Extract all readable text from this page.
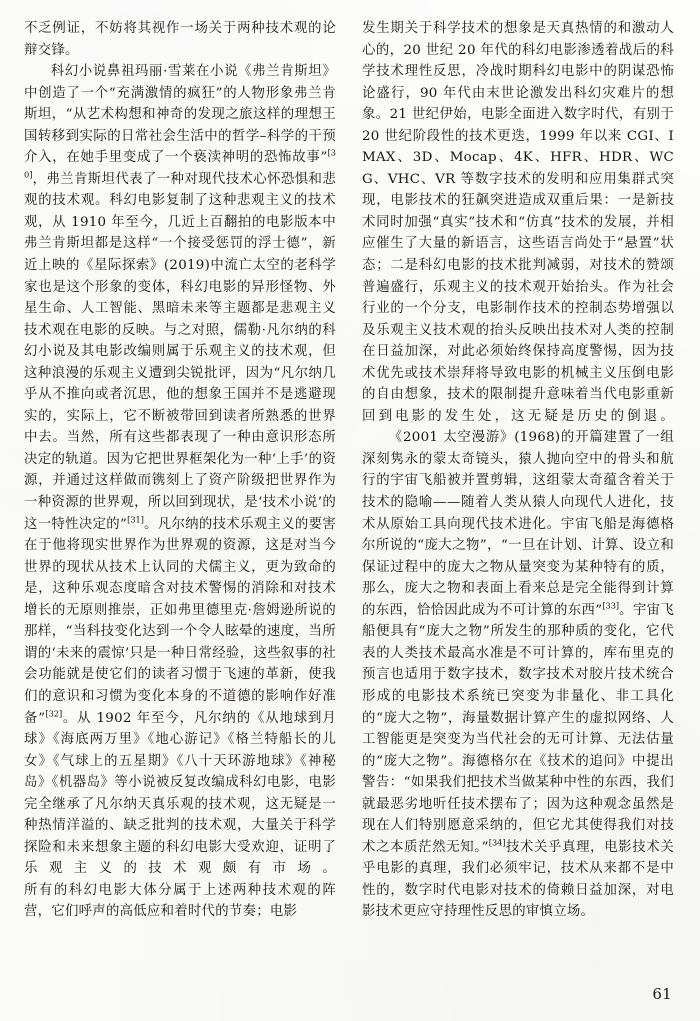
不乏例证，不妨将其视作一场关于两种技术观的论辩交锋。

科幻小说鼻祖玛丽·雪莱在小说《弗兰肯斯坦》中创造了一个“充满激情的疯狂”的人物形象弗兰肯斯坦，“从艺术构想和神奇的发现之旅这样的理想王国转移到实际的日常社会生活中的哲学–科学的干预介入，在她手里变成了一个亵渎神明的恐怖故事”[30]，弗兰肯斯坦代表了一种对现代技术心怀恐惧和悲观的技术观。科幻电影复制了这种悲观主义的技术观，从 1910 年至今，几近上百翻拍的电影版本中弗兰肯斯坦都是这样“一个接受惩罚的浮士德”，新近上映的《星际探索》(2019)中流亡太空的老科学家也是这个形象的变体，科幻电影的异形怪物、外星生命、人工智能、黑暗未来等主题都是悲观主义技术观在电影的反映。与之对照，儒勒·凡尔纳的科幻小说及其电影改编则属于乐观主义的技术观，但这种浪漫的乐观主义遭到尖锐批评，因为“凡尔纳几乎从不推向或者沉思，他的想象王国并不是逃避现实的，实际上，它不断被带回到读者所熟悉的世界中去。当然，所有这些都表现了一种由意识形态所决定的轨道。因为它把世界框架化为一种‘上手’的资源，并通过这样做而镌刻上了资产阶级把世界作为一种资源的世界观，所以回到现状，是‘技术小说’的这一特性决定的”[31]。凡尔纳的技术乐观主义的要害在于他将现实世界作为世界观的资源，这是对当今世界的现状从技术上认同的犬儒主义，更为致命的是，这种乐观态度暗含对技术警惕的消除和对技术增长的无原则推崇，正如弗里德里克·詹姆逊所说的那样，“当科技变化达到一个令人眩晕的速度，当所谓的‘未来的震惊’只是一种日常经验，这些叙事的社会功能就是使它们的读者习惯于飞速的革新，使我们的意识和习惯为变化本身的不道德的影响作好准备”[32]。从 1902 年至今，凡尔纳的《从地球到月球》《海底两万里》《地心游记》《格兰特船长的儿女》《气球上的五星期》《八十天环游地球》《神秘岛》《机器岛》等小说被反复改编成科幻电影，电影完全继承了凡尔纳天真乐观的技术观，这无疑是一种热情洋溢的、缺乏批判的技术观，大量关于科学探险和未来想象主题的科幻电影大受欢迎，证明了乐观主义的技术观颇有市场。

所有的科幻电影大体分属于上述两种技术观的阵营，它们呼声的高低应和着时代的节奏；电影

发生期关于科学技术的想象是天真热情的和激动人心的，20 世纪 20 年代的科幻电影渗透着战后的科学技术理性反思，冷战时期科幻电影中的阴谋恐怖论盛行，90 年代由末世论激发出科幻灾难片的想象。21 世纪伊始，电影全面进入数字时代，有别于 20 世纪阶段性的技术更迭，1999 年以来 CGI、IMAX、3D、Mocap、4K、HFR、HDR、WCG、VHC、VR 等数字技术的发明和应用集群式突现，电影技术的狂飙突进造成双重后果：一是新技术同时加强“真实”技术和“仿真”技术的发展，并相应催生了大量的新语言，这些语言尚处于“悬置”状态；二是科幻电影的技术批判减弱，对技术的赞颂普遍盛行，乐观主义的技术观开始抬头。作为社会行业的一个分支，电影制作技术的控制态势增强以及乐观主义技术观的抬头反映出技术对人类的控制在日益加深，对此必须始终保持高度警惕，因为技术优先或技术崇拜将导致电影的机械主义压倒电影的自由想象，技术的限制提升意味着当代电影重新回到电影的发生处，这无疑是历史的倒退。

《2001 太空漫游》(1968)的开篇建置了一组深刻隽永的蒙太奇镜头，猿人抛向空中的骨头和航行的宇宙飞船被并置剪辑，这组蒙太奇蕴含着关于技术的隐喻——随着人类从猿人向现代人进化，技术从原始工具向现代技术进化。宇宙飞船是海德格尔所说的“庞大之物”，“一旦在计划、计算、设立和保证过程中的庞大之物从量突变为某种特有的质，那么，庞大之物和表面上看来总是完全能得到计算的东西，恰恰因此成为不可计算的东西”[33]。宇宙飞船便具有“庞大之物”所发生的那种质的变化，它代表的人类技术最高水准是不可计算的，库布里克的预言也适用于数字技术，数字技术对胶片技术统合形成的电影技术系统已突变为非量化、非工具化的“庞大之物”，海量数据计算产生的虚拟网络、人工智能更是突变为当代社会的无可计算、无法估量的“庞大之物”。海德格尔在《技术的追问》中提出警告：“如果我们把技术当做某种中性的东西，我们就最恶劣地听任技术摆布了；因为这种观念虽然是现在人们特别愿意采纳的，但它尤其使得我们对技术之本质茫然无知。”[34]技术关乎真理，电影技术关乎电影的真理，我们必须牢记，技术从来都不是中性的，数字时代电影对技术的倚赖日益加深，对电影技术更应守持理性反思的审慎立场。

61
